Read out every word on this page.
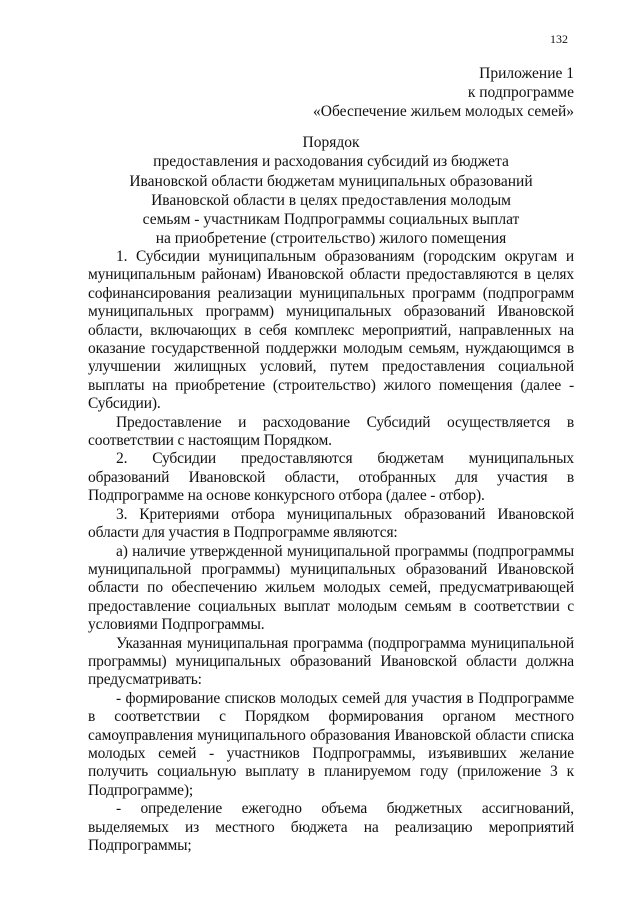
132
Приложение 1
к подпрограмме
«Обеспечение жильем молодых семей»
Порядок
предоставления и расходования субсидий из бюджета
Ивановской области бюджетам муниципальных образований
Ивановской области в целях предоставления молодым
семьям - участникам Подпрограммы социальных выплат
на приобретение (строительство) жилого помещения

1. Субсидии муниципальным образованиям (городским округам и муниципальным районам) Ивановской области предоставляются в целях софинансирования реализации муниципальных программ (подпрограмм муниципальных программ) муниципальных образований Ивановской области, включающих в себя комплекс мероприятий, направленных на оказание государственной поддержки молодым семьям, нуждающимся в улучшении жилищных условий, путем предоставления социальной выплаты на приобретение (строительство) жилого помещения (далее - Субсидии).

Предоставление и расходование Субсидий осуществляется в соответствии с настоящим Порядком.

2. Субсидии предоставляются бюджетам муниципальных образований Ивановской области, отобранных для участия в Подпрограмме на основе конкурсного отбора (далее - отбор).

3. Критериями отбора муниципальных образований Ивановской области для участия в Подпрограмме являются:

а) наличие утвержденной муниципальной программы (подпрограммы муниципальной программы) муниципальных образований Ивановской области по обеспечению жильем молодых семей, предусматривающей предоставление социальных выплат молодым семьям в соответствии с условиями Подпрограммы.

Указанная муниципальная программа (подпрограмма муниципальной программы) муниципальных образований Ивановской области должна предусматривать:

- формирование списков молодых семей для участия в Подпрограмме в соответствии с Порядком формирования органом местного самоуправления муниципального образования Ивановской области списка молодых семей - участников Подпрограммы, изъявивших желание получить социальную выплату в планируемом году (приложение 3 к Подпрограмме);

- определение ежегодно объема бюджетных ассигнований, выделяемых из местного бюджета на реализацию мероприятий Подпрограммы;
